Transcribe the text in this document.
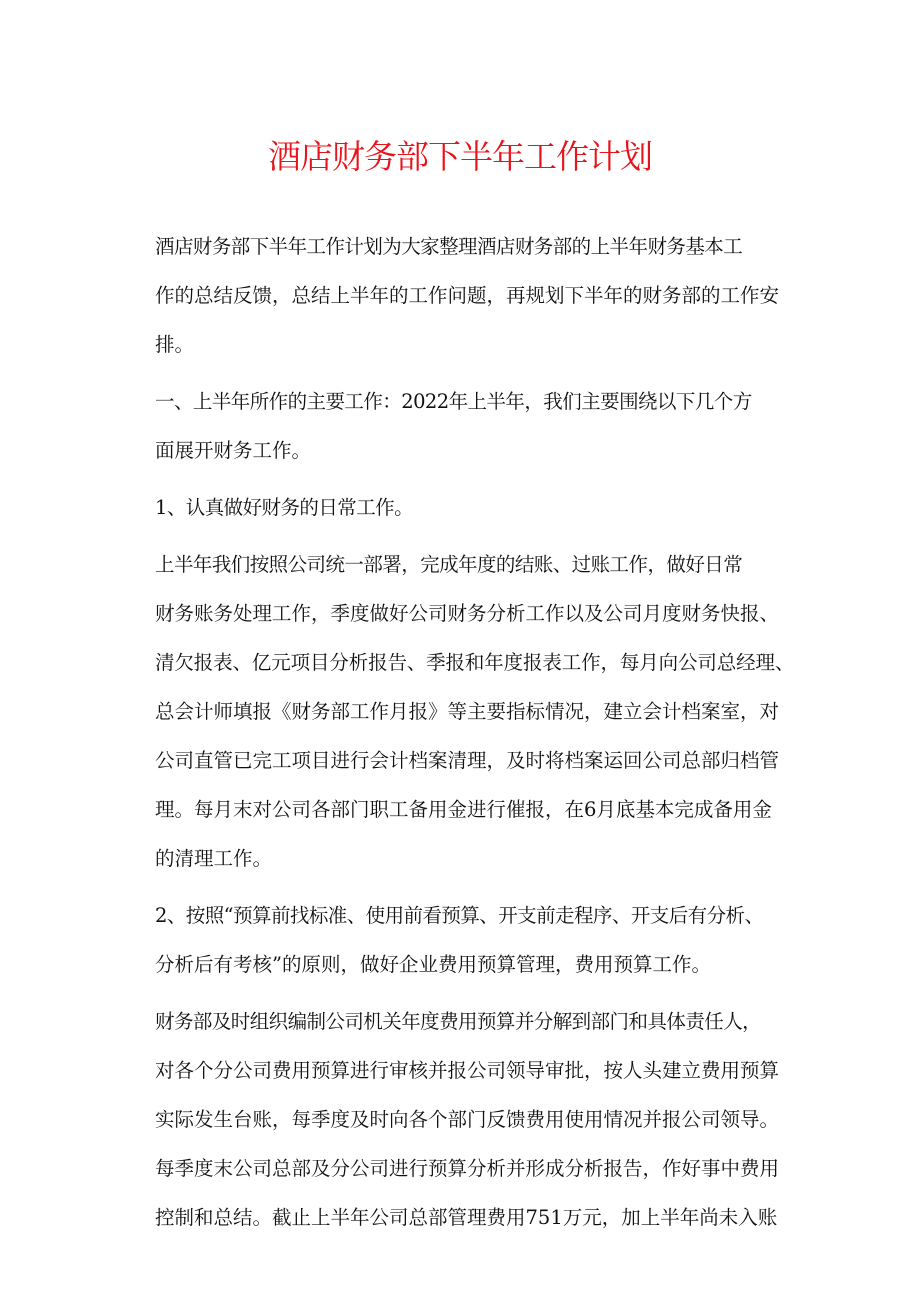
酒店财务部下半年工作计划

酒店财务部下半年工作计划为大家整理酒店财务部的上半年财务基本工
作的总结反馈，总结上半年的工作问题，再规划下半年的财务部的工作安
排。

一、上半年所作的主要工作：2022年上半年，我们主要围绕以下几个方
面展开财务工作。

1、认真做好财务的日常工作。

上半年我们按照公司统一部署，完成年度的结账、过账工作，做好日常
财务账务处理工作，季度做好公司财务分析工作以及公司月度财务快报、
清欠报表、亿元项目分析报告、季报和年度报表工作，每月向公司总经理、
总会计师填报《财务部工作月报》等主要指标情况，建立会计档案室，对
公司直管已完工项目进行会计档案清理，及时将档案运回公司总部归档管
理。每月末对公司各部门职工备用金进行催报，在6月底基本完成备用金
的清理工作。

2、按照“预算前找标准、使用前看预算、开支前走程序、开支后有分析、
分析后有考核”的原则，做好企业费用预算管理，费用预算工作。

财务部及时组织编制公司机关年度费用预算并分解到部门和具体责任人，
对各个分公司费用预算进行审核并报公司领导审批，按人头建立费用预算
实际发生台账，每季度及时向各个部门反馈费用使用情况并报公司领导。
每季度末公司总部及分公司进行预算分析并形成分析报告，作好事中费用
控制和总结。截止上半年公司总部管理费用751万元，加上半年尚未入账
